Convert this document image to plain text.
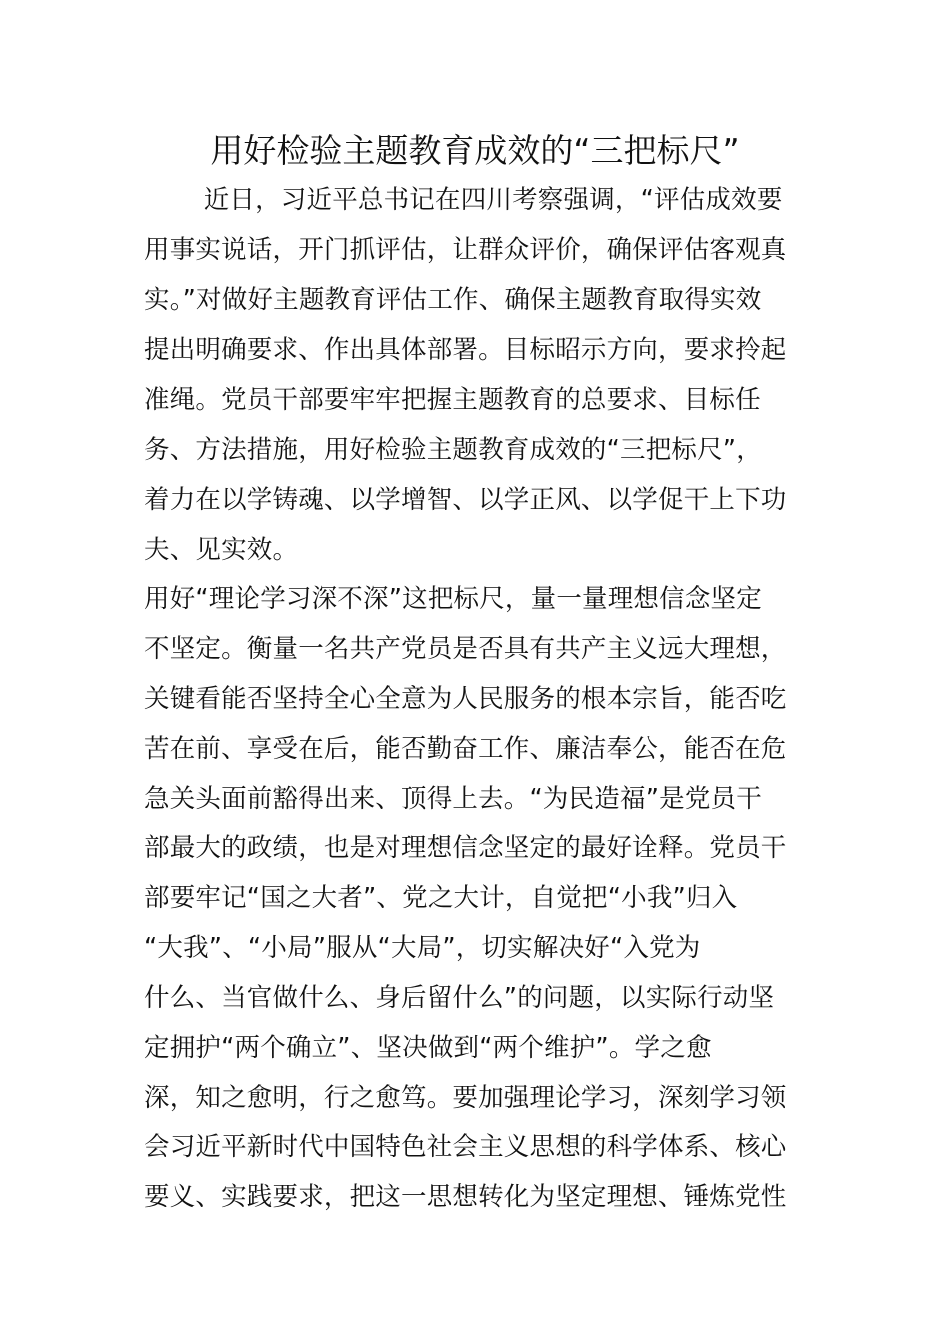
用好检验主题教育成效的“三把标尺”
　　 近日，习近平总书记在四川考察强调，“评估成效要
用事实说话，开门抓评估，让群众评价，确保评估客观真
实。”对做好主题教育评估工作、确保主题教育取得实效
提出明确要求、作出具体部署。目标昭示方向，要求拎起
准绳。党员干部要牢牢把握主题教育的总要求、目标任
务、方法措施，用好检验主题教育成效的“三把标尺”，
着力在以学铸魂、以学增智、以学正风、以学促干上下功
夫、见实效。
用好“理论学习深不深”这把标尺，量一量理想信念坚定
不坚定。衡量一名共产党员是否具有共产主义远大理想，
关键看能否坚持全心全意为人民服务的根本宗旨，能否吃
苦在前、享受在后，能否勤奋工作、廉洁奉公，能否在危
急关头面前豁得出来、顶得上去。“为民造福”是党员干
部最大的政绩，也是对理想信念坚定的最好诠释。党员干
部要牢记“国之大者”、党之大计，自觉把“小我”归入
“大我”、“小局”服从“大局”，切实解决好“入党为
什么、当官做什么、身后留什么”的问题，以实际行动坚
定拥护“两个确立”、坚决做到“两个维护”。学之愈
深，知之愈明，行之愈笃。要加强理论学习，深刻学习领
会习近平新时代中国特色社会主义思想的科学体系、核心
要义、实践要求，把这一思想转化为坚定理想、锤炼党性
